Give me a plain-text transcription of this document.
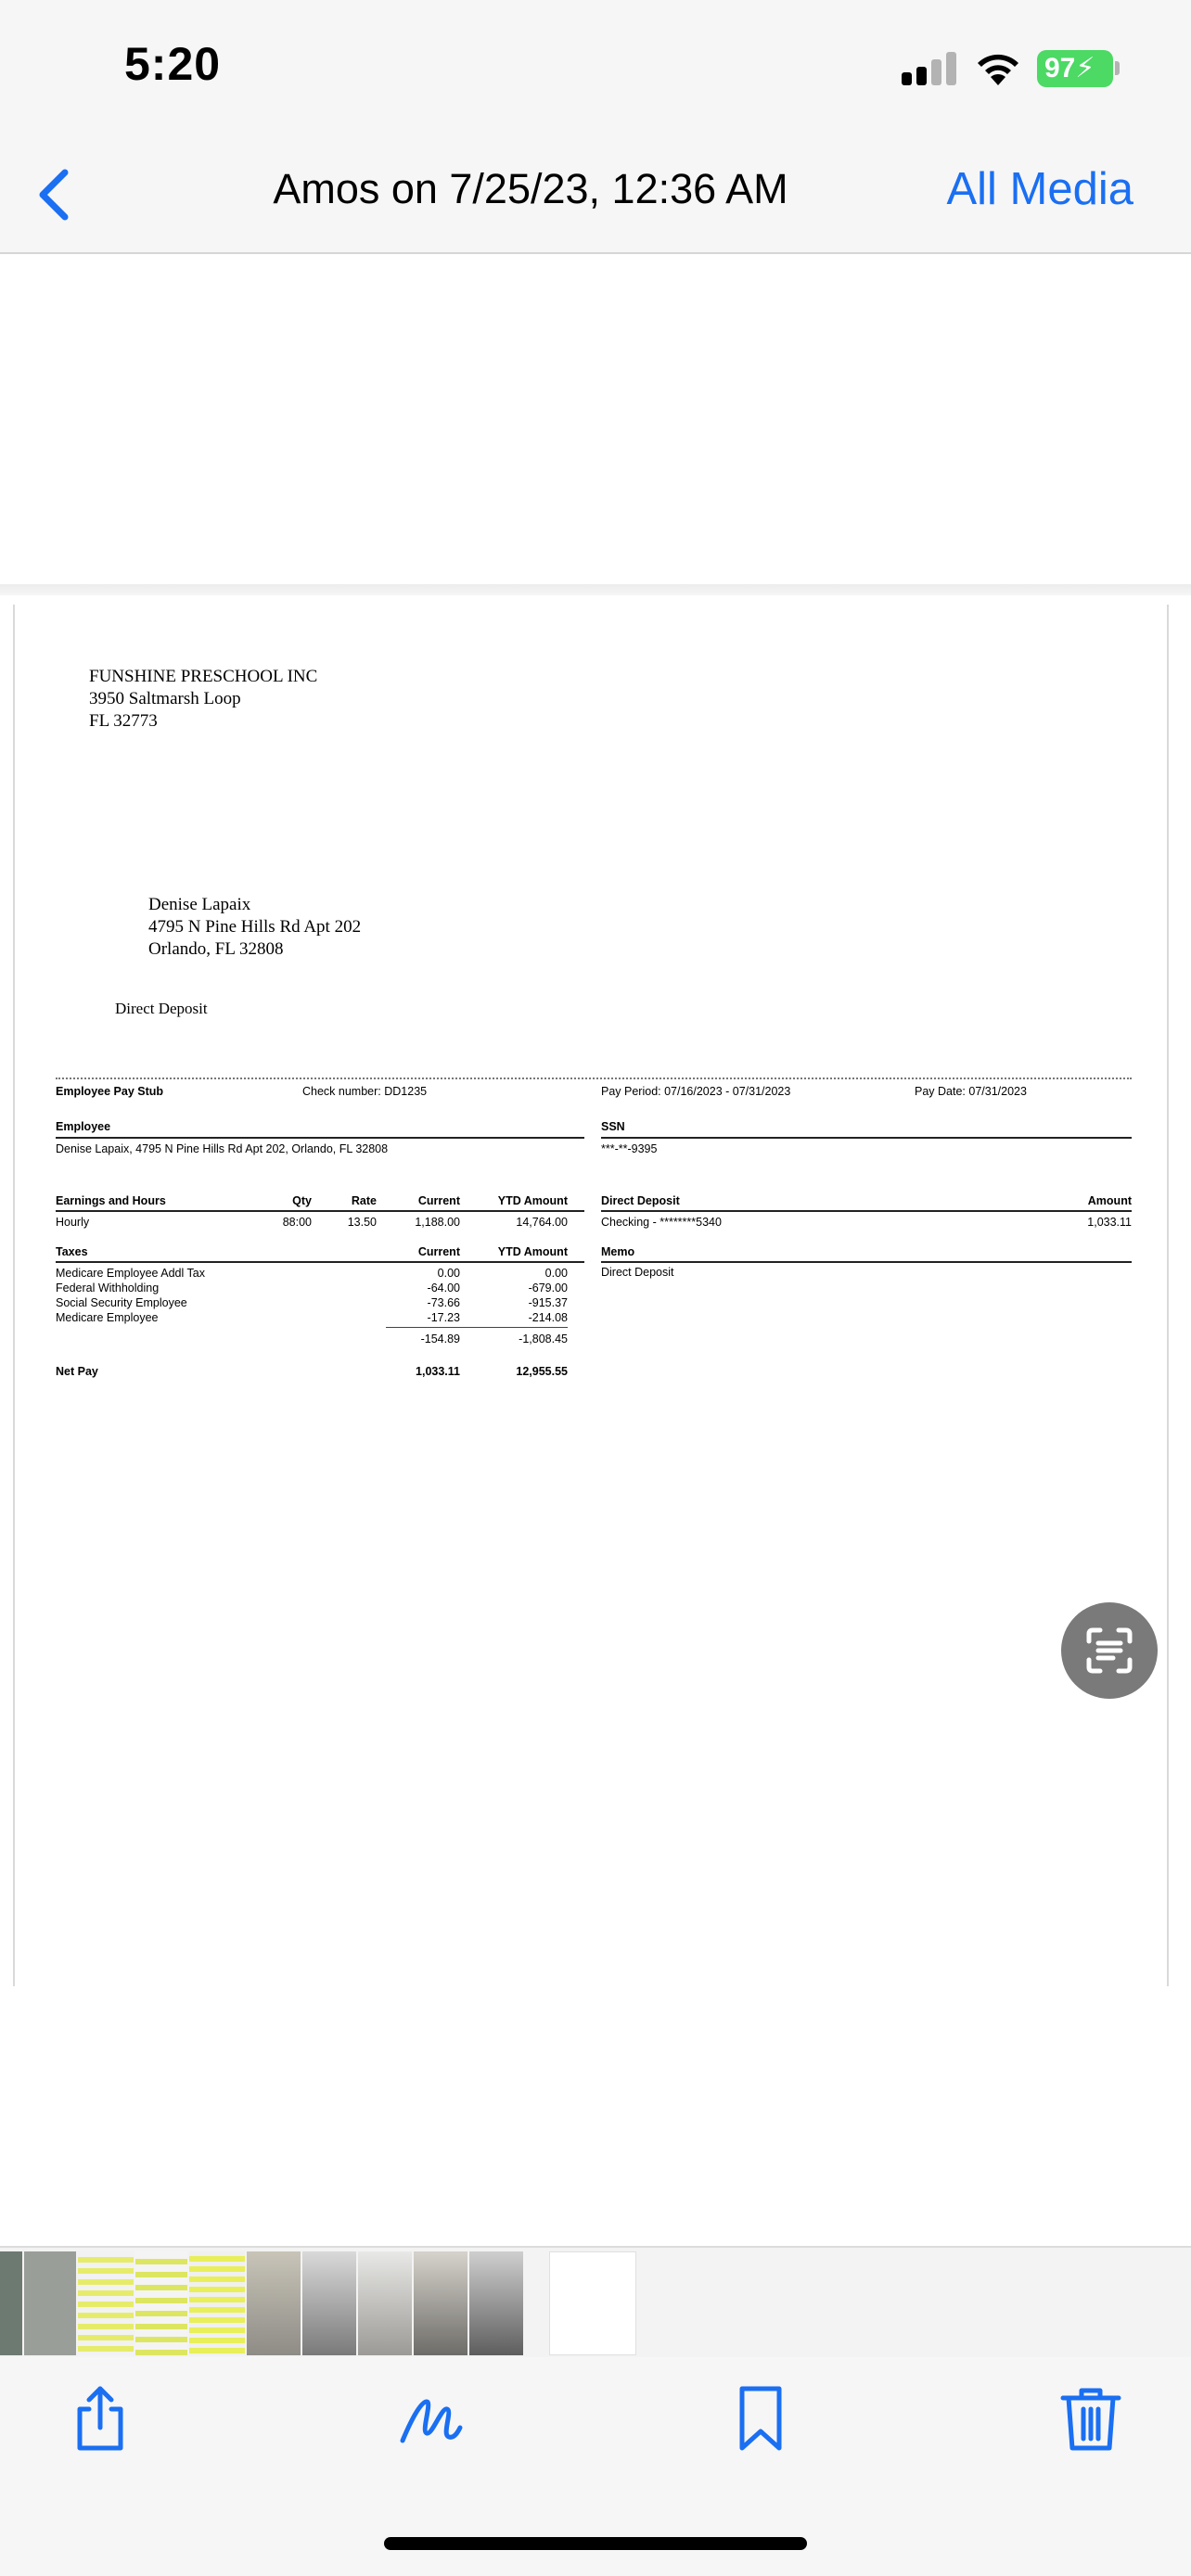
5:20	97⚡
Amos on 7/25/23, 12:36 AM	All Media
FUNSHINE PRESCHOOL INC
3950 Saltmarsh Loop
FL 32773
Denise Lapaix
4795 N Pine Hills Rd Apt 202
Orlando, FL 32808
Direct Deposit
Employee Pay Stub	Check number: DD1235	Pay Period: 07/16/2023 - 07/31/2023	Pay Date: 07/31/2023
Employee
Denise Lapaix, 4795 N Pine Hills Rd Apt 202, Orlando, FL 32808
SSN
***-**-9395
Earnings and Hours	Qty	Rate	Current	YTD Amount
Hourly	88:00	13.50	1,188.00	14,764.00
Direct Deposit	Amount
Checking - ********5340	1,033.11
Taxes	Current	YTD Amount
Medicare Employee Addl Tax	0.00	0.00
Federal Withholding	-64.00	-679.00
Social Security Employee	-73.66	-915.37
Medicare Employee	-17.23	-214.08
-154.89	-1,808.45
Memo
Direct Deposit
Net Pay	1,033.11	12,955.55
